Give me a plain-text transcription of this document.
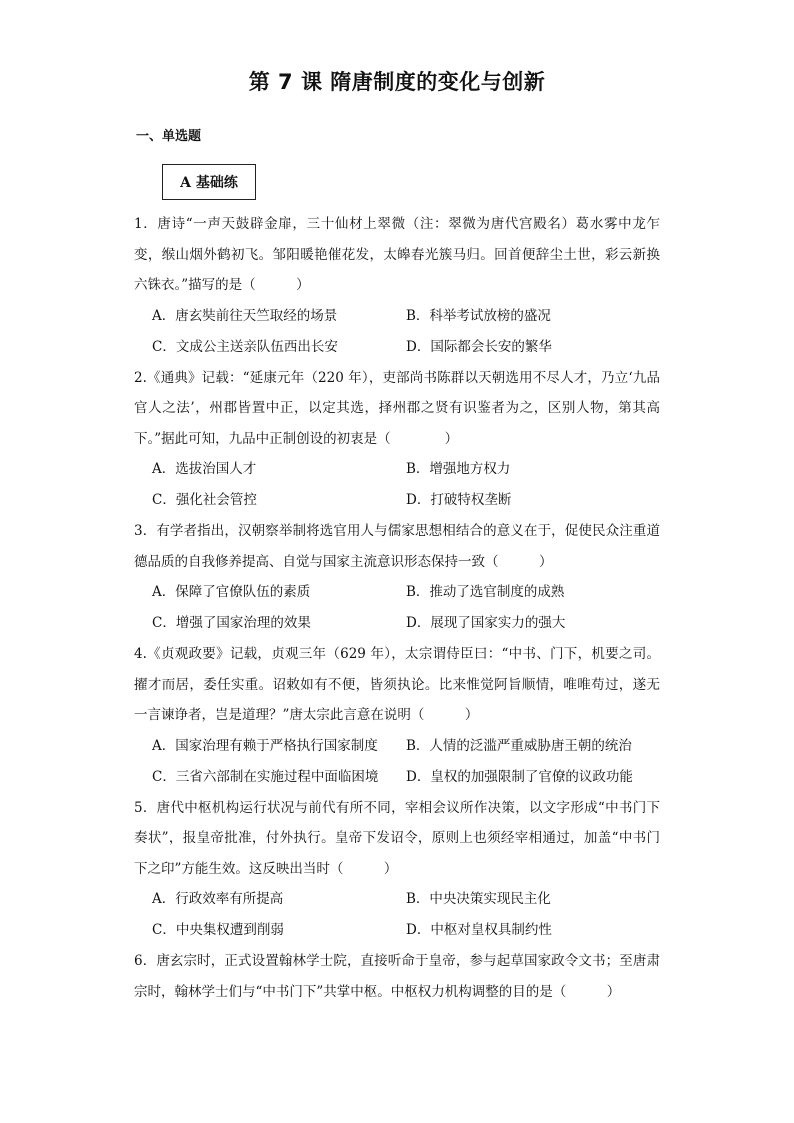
第 7 课 隋唐制度的变化与创新
一、单选题
A 基础练
1．唐诗“一声天鼓辟金扉，三十仙材上翠微（注：翠微为唐代宫殿名）葛水雾中龙乍变，缑山烟外鹤初飞。邹阳暖艳催花发，太皞春光簇马归。回首便辞尘土世，彩云新换六铢衣。”描写的是（　　　）
A．唐玄奘前往天竺取经的场景	B．科举考试放榜的盛况
C．文成公主送亲队伍西出长安	D．国际都会长安的繁华
2.《通典》记载：“延康元年（220 年），吏部尚书陈群以天朝选用不尽人才，乃立‘九品官人之法’，州郡皆置中正，以定其选，择州郡之贤有识鉴者为之，区别人物，第其高下。”据此可知，九品中正制创设的初衷是（　　　　）
A．选拔治国人才	B．增强地方权力
C．强化社会管控	D．打破特权垄断
3．有学者指出，汉朝察举制将选官用人与儒家思想相结合的意义在于，促使民众注重道德品质的自我修养提高、自觉与国家主流意识形态保持一致（　　　）
A．保障了官僚队伍的素质	B．推动了选官制度的成熟
C．增强了国家治理的效果	D．展现了国家实力的强大
4.《贞观政要》记载，贞观三年（629 年），太宗谓侍臣曰：“中书、门下，机要之司。擢才而居，委任实重。诏敕如有不便，皆须执论。比来惟觉阿旨顺情，唯唯苟过，遂无一言谏诤者，岂是道理？”唐太宗此言意在说明（　　　）
A．国家治理有赖于严格执行国家制度	B．人情的泛滥严重威胁唐王朝的统治
C．三省六部制在实施过程中面临困境	D．皇权的加强限制了官僚的议政功能
5．唐代中枢机构运行状况与前代有所不同，宰相会议所作决策，以文字形成“中书门下奏状”，报皇帝批准，付外执行。皇帝下发诏令，原则上也须经宰相通过，加盖“中书门下之印”方能生效。这反映出当时（　　　）
A．行政效率有所提高	B．中央决策实现民主化
C．中央集权遭到削弱	D．中枢对皇权具制约性
6．唐玄宗时，正式设置翰林学士院，直接听命于皇帝，参与起草国家政令文书；至唐肃宗时，翰林学士们与“中书门下”共掌中枢。中枢权力机构调整的目的是（　　　）
